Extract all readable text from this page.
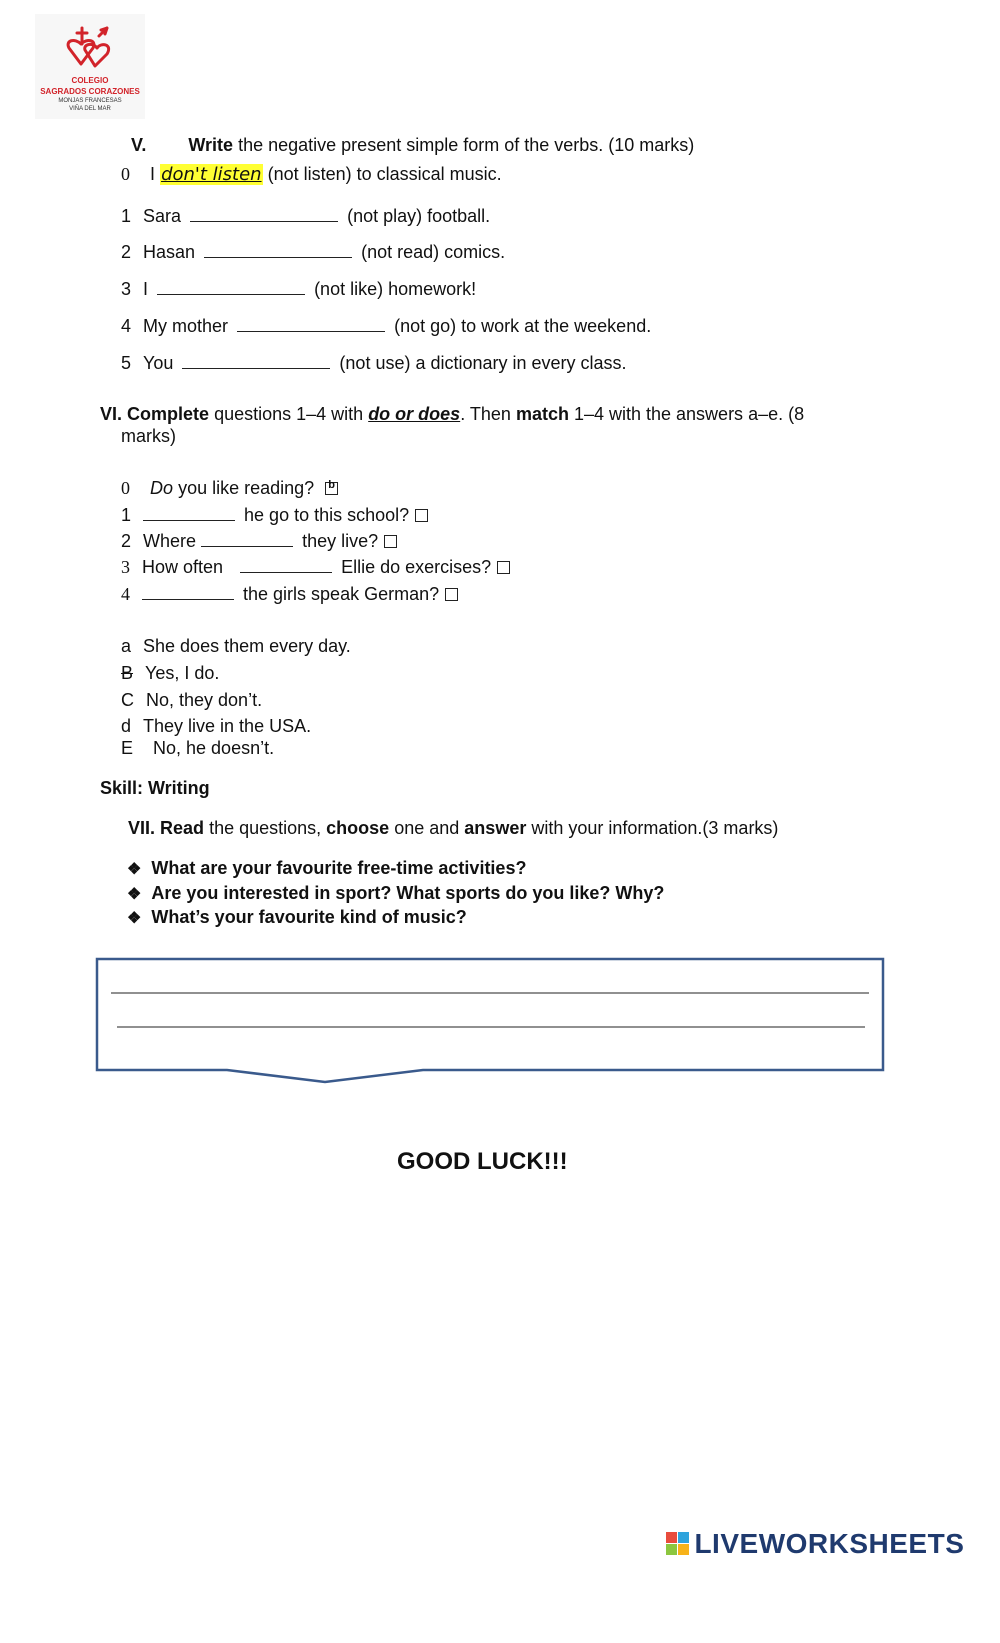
COLEGIO
SAGRADOS CORAZONES
MONJAS FRANCESAS
VIÑA DEL MAR
V. Write the negative present simple form of the verbs. (10 marks)
0 I don't listen (not listen) to classical music.
1 Sara	(not play) football.
2 Hasan	(not read) comics.
3 I	(not like) homework!
4 My mother	(not go) to work at the weekend.
5 You	(not use) a dictionary in every class.
VI. Complete questions 1–4 with do or does. Then match 1–4 with the answers a–e. (8
marks)
0 Do you like reading? b
1	he go to this school?
2 Where	they live?
3 How often	Ellie do exercises?
4	the girls speak German?
a She does them every day.
B Yes, I do.
C No, they don’t.
d They live in the USA.
E No, he doesn’t.
Skill: Writing
VII. Read the questions, choose one and answer with your information.(3 marks)
❖ What are your favourite free-time activities?
❖ Are you interested in sport? What sports do you like? Why?
❖ What’s your favourite kind of music?
GOOD LUCK!!!
LIVEWORKSHEETS
